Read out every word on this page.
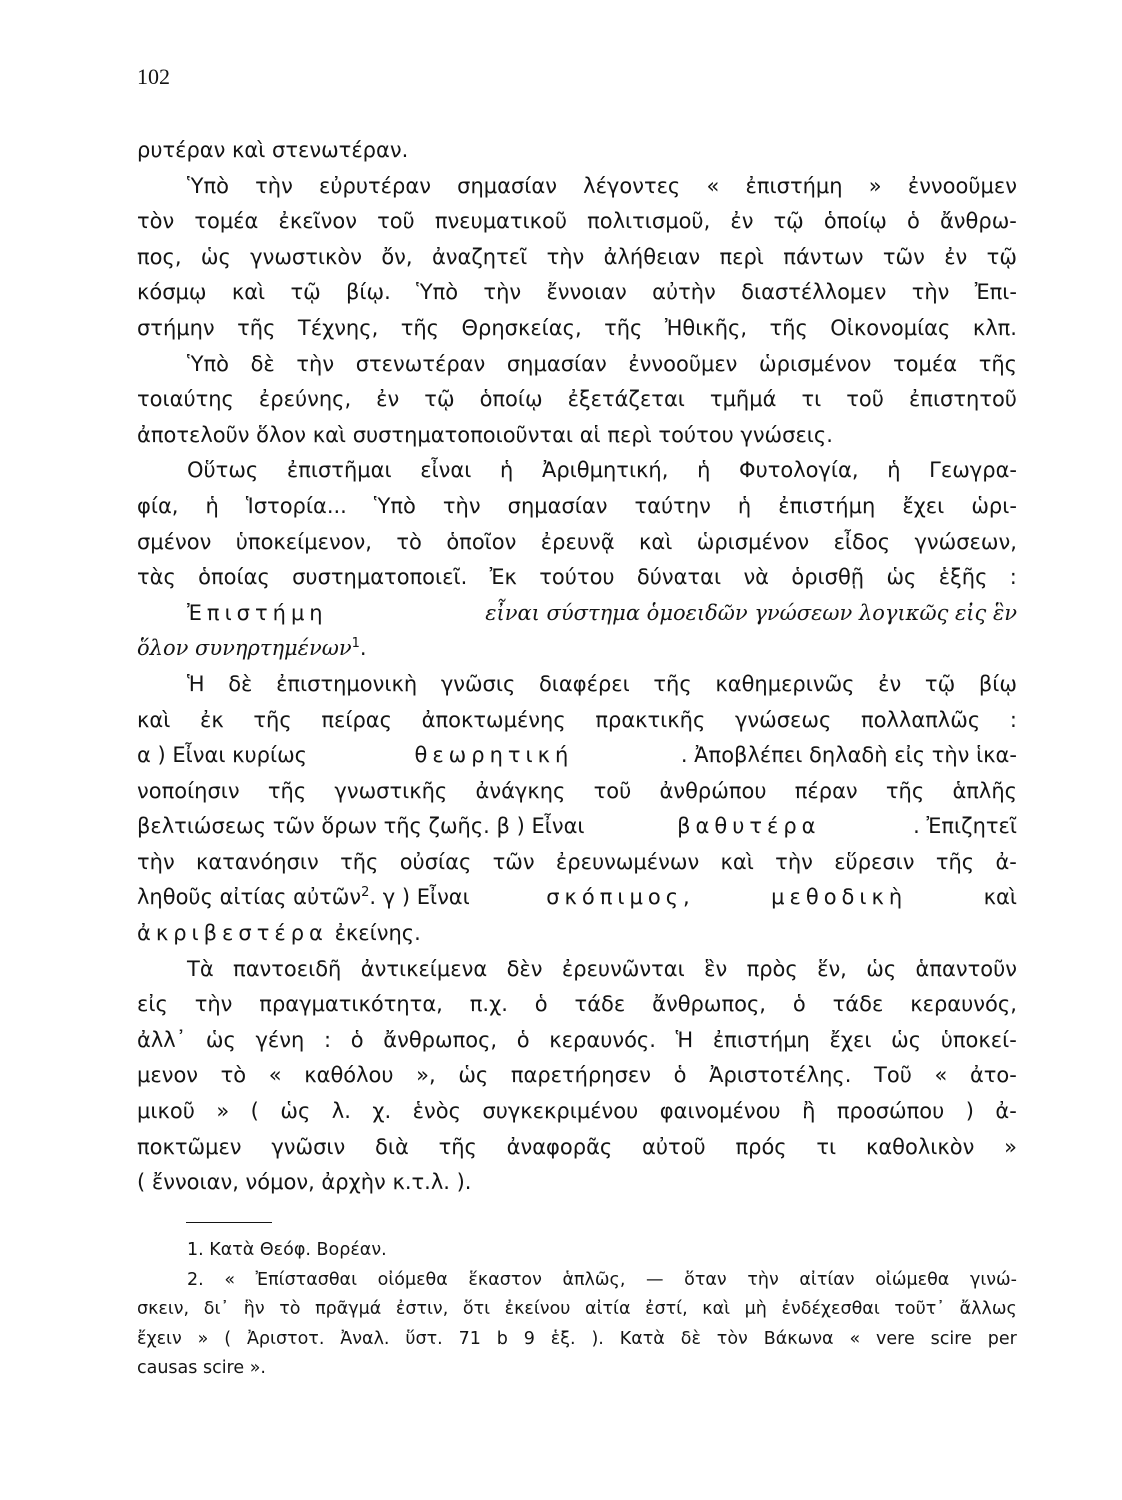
102
ρυτέραν καὶ στενωτέραν.
Ὑπὸ τὴν εὐρυτέραν σημασίαν λέγοντες « ἐπιστήμη » ἐννοοῦμεν
τὸν τομέα ἐκεῖνον τοῦ πνευματικοῦ πολιτισμοῦ, ἐν τῷ ὁποίῳ ὁ ἄνθρω-
πος, ὡς γνωστικὸν ὄν, ἀναζητεῖ τὴν ἀλήθειαν περὶ πάντων τῶν ἐν τῷ
κόσμῳ καὶ τῷ βίῳ. Ὑπὸ τὴν ἔννοιαν αὐτὴν διαστέλλομεν τὴν Ἐπι-
στήμην τῆς Τέχνης, τῆς Θρησκείας, τῆς Ἠθικῆς, τῆς Οἰκονομίας κλπ.
Ὑπὸ δὲ τὴν στενωτέραν σημασίαν ἐννοοῦμεν ὡρισμένον τομέα τῆς
τοιαύτης ἐρεύνης, ἐν τῷ ὁποίῳ ἐξετάζεται τμῆμά τι τοῦ ἐπιστητοῦ
ἀποτελοῦν ὅλον καὶ συστηματοποιοῦνται αἱ περὶ τούτου γνώσεις.
Οὕτως ἐπιστῆμαι εἶναι ἡ Ἀριθμητική, ἡ Φυτολογία, ἡ Γεωγρα-
φία, ἡ Ἱστορία... Ὑπὸ τὴν σημασίαν ταύτην ἡ ἐπιστήμη ἔχει ὡρι-
σμένον ὑποκείμενον, τὸ ὁποῖον ἐρευνᾷ καὶ ὡρισμένον εἶδος γνώσεων,
τὰς ὁποίας συστηματοποιεῖ. Ἐκ τούτου δύναται νὰ ὁρισθῇ ὡς ἑξῆς :
Ἐπιστήμη	εἶναι σύστημα ὁμοειδῶν γνώσεων λογικῶς εἰς ἓν
ὅλον συνηρτημένων$^1$.
Ἡ δὲ ἐπιστημονικὴ γνῶσις διαφέρει τῆς καθημερινῶς ἐν τῷ βίῳ
καὶ ἐκ τῆς πείρας ἀποκτωμένης πρακτικῆς γνώσεως πολλαπλῶς :
α ) Εἶναι κυρίως	θεωρητική	. Ἀποβλέπει δηλαδὴ εἰς τὴν ἱκα-
νοποίησιν τῆς γνωστικῆς ἀνάγκης τοῦ ἀνθρώπου πέραν τῆς ἁπλῆς
βελτιώσεως τῶν ὅρων τῆς ζωῆς. β ) Εἶναι	βαθυτέρα	. Ἐπιζητεῖ
τὴν κατανόησιν τῆς οὐσίας τῶν ἐρευνωμένων καὶ τὴν εὕρεσιν τῆς ἀ-
ληθοῦς αἰτίας αὐτῶν$^2$. γ ) Εἶναι	σκόπιμος,	μεθοδικὴ	καὶ
ἀκριβεστέρα ἐκείνης.
Τὰ παντοειδῆ ἀντικείμενα δὲν ἐρευνῶνται ἓν πρὸς ἕν, ὡς ἁπαντοῦν
εἰς τὴν πραγματικότητα, π.χ. ὁ τάδε ἄνθρωπος, ὁ τάδε κεραυνός,
ἀλλ᾽ ὡς γένη : ὁ ἄνθρωπος, ὁ κεραυνός. Ἡ ἐπιστήμη ἔχει ὡς ὑποκεί-
μενον τὸ « καθόλου », ὡς παρετήρησεν ὁ Ἀριστοτέλης. Τοῦ « ἀτο-
μικοῦ » ( ὡς λ. χ. ἑνὸς συγκεκριμένου φαινομένου ἢ προσώπου ) ἀ-
ποκτῶμεν γνῶσιν διὰ τῆς ἀναφορᾶς αὐτοῦ πρός τι καθολικὸν »
( ἔννοιαν, νόμον, ἀρχὴν κ.τ.λ. ).
1. Κατὰ Θεόφ. Βορέαν.
2. « Ἐπίστασθαι οἰόμεθα ἕκαστον ἁπλῶς, — ὅταν τὴν αἰτίαν οἰώμεθα γινώ-
σκειν, δι᾽ ἣν τὸ πρᾶγμά ἐστιν, ὅτι ἐκείνου αἰτία ἐστί, καὶ μὴ ἐνδέχεσθαι τοῦτ᾽ ἄλλως
ἔχειν » ( Ἀριστοτ. Ἀναλ. ὕστ. 71 b 9 ἑξ. ). Κατὰ δὲ τὸν Βάκωνα « vere scire per
causas scire ».
